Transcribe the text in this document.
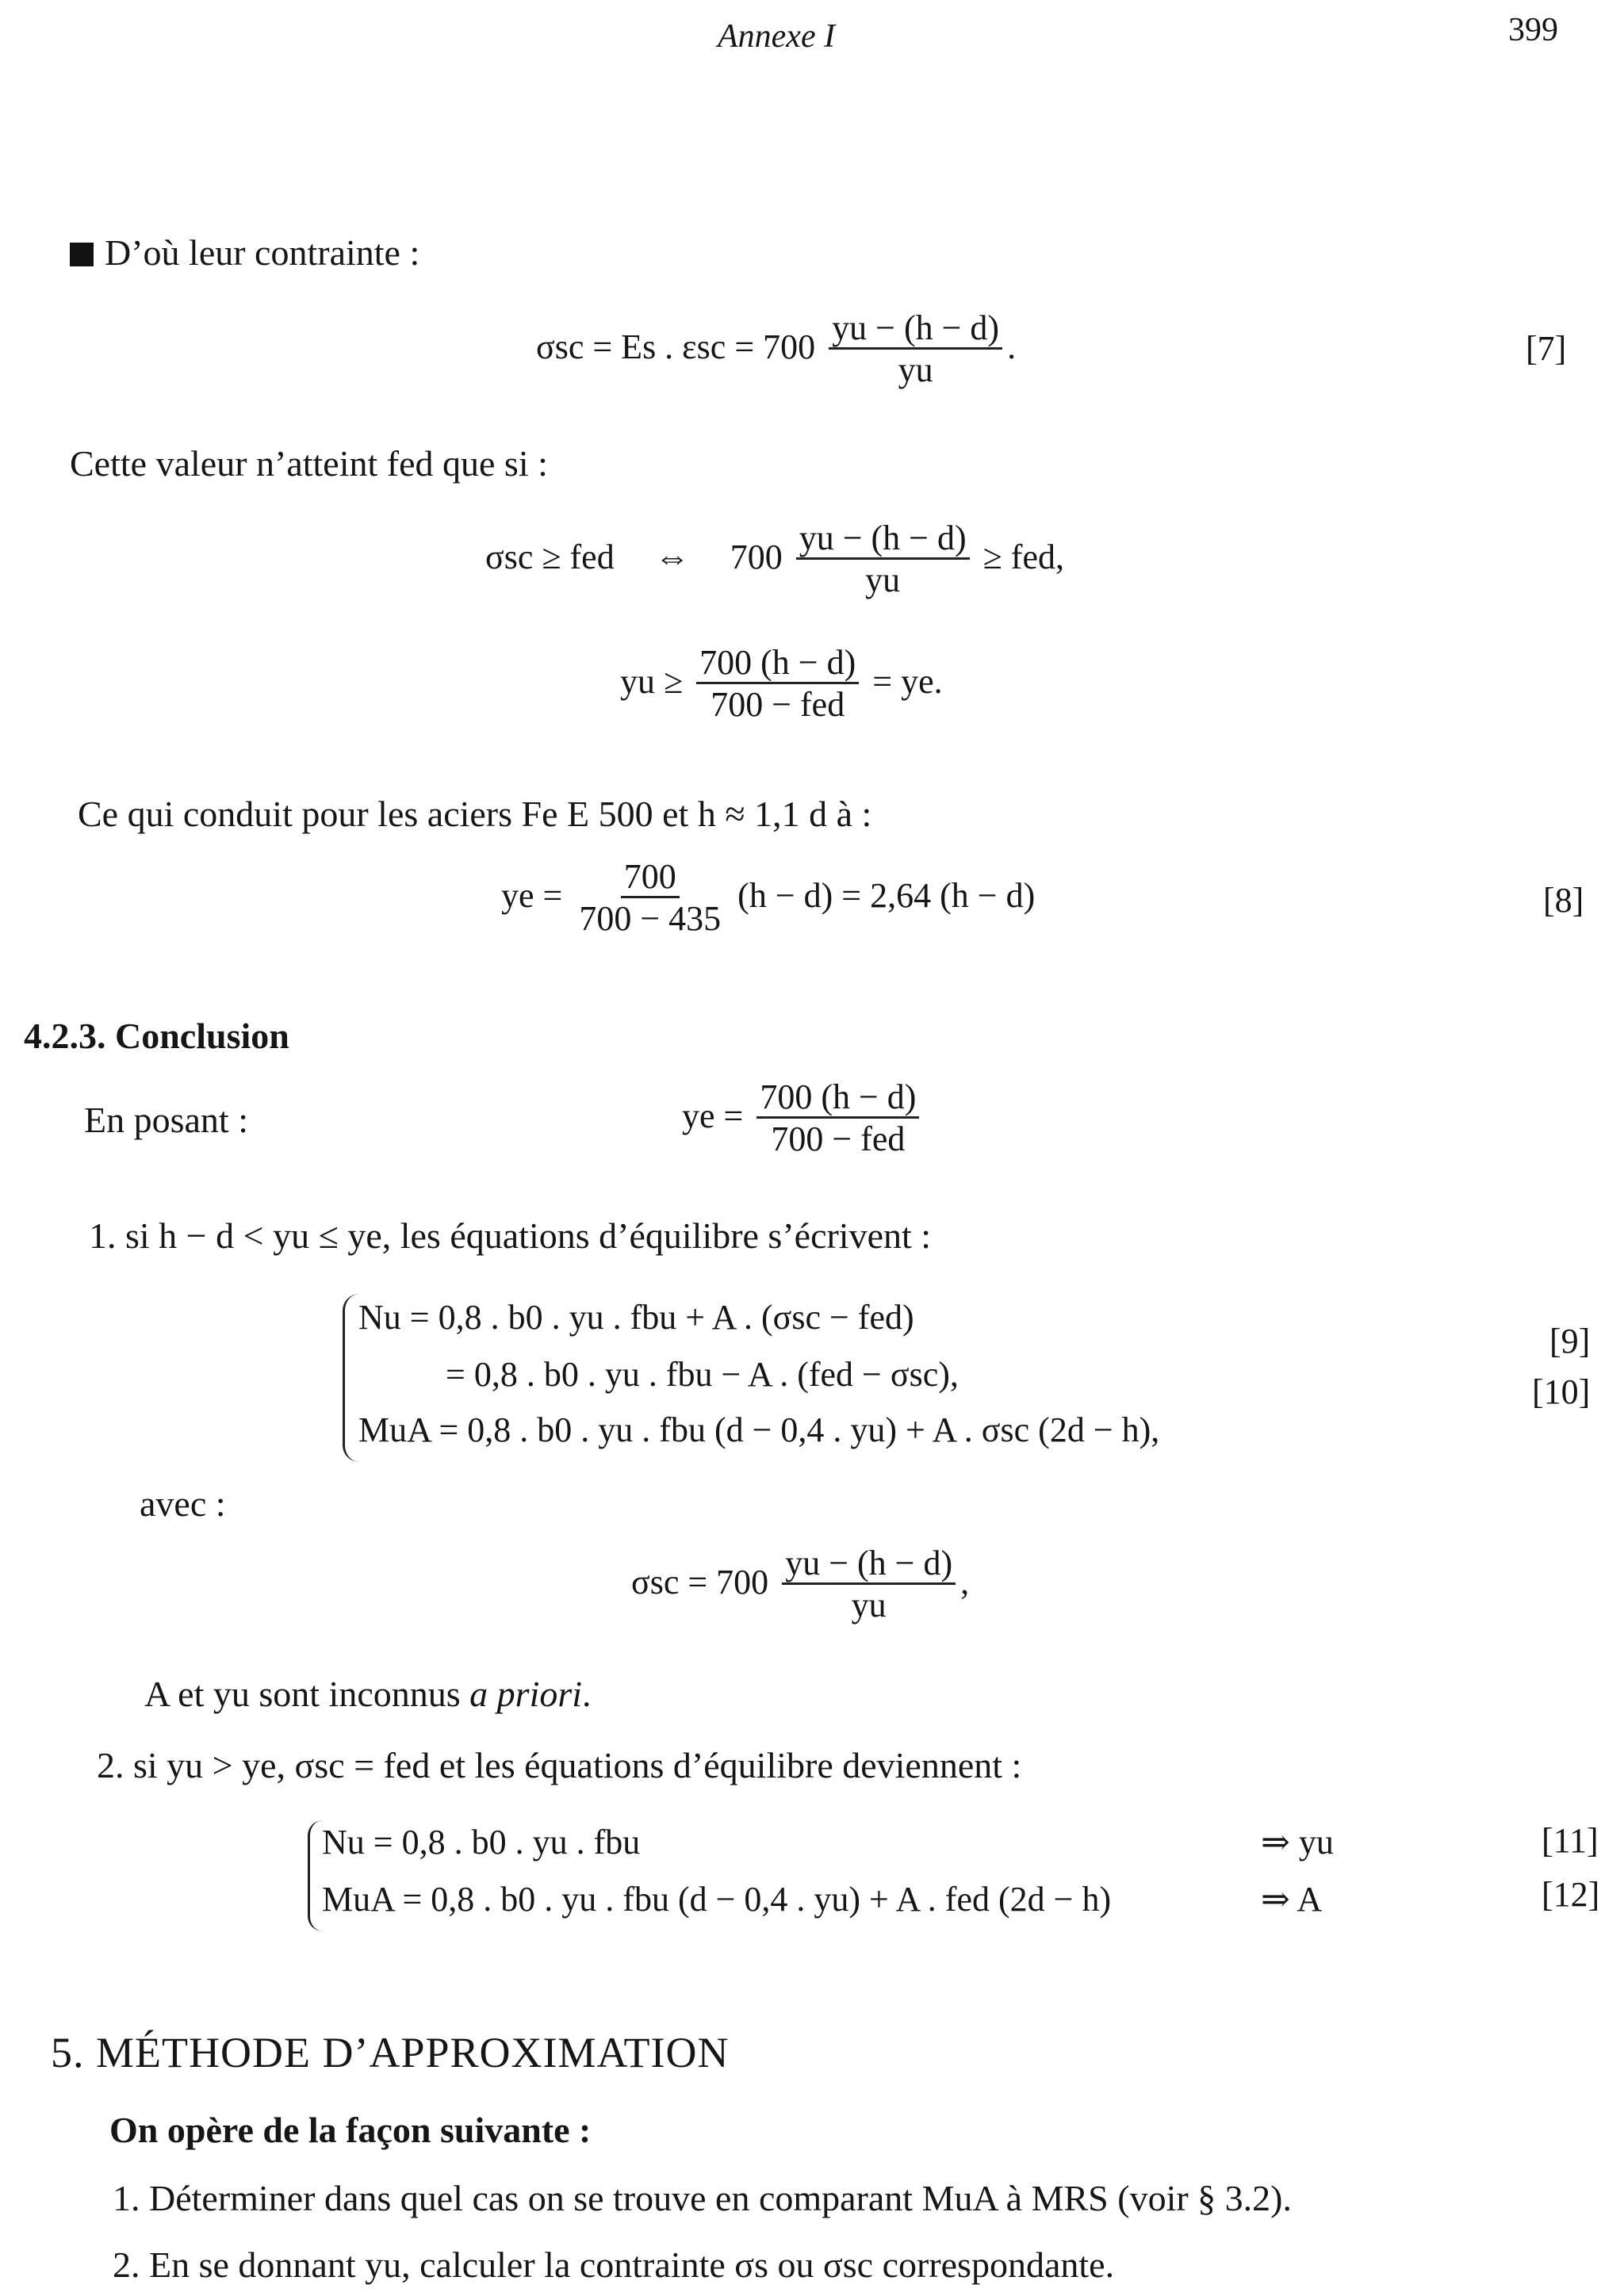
Annexe I	399
D’où leur contrainte :
σsc = Es . $\varepsilon sc = 700 \frac{yu - (h - d)}{yu}$ .	[7]
Cette valeur n’atteint fed que si :
σsc ≥ fed ⇔ $700 \frac{yu - (h - d)}{yu}$ ≥ fed,
yu ≥ $\frac{700 (h - d)}{\text{700 − fed}}$ = ye.
Ce qui conduit pour les aciers Fe E 500 et h ≈ 1,1 d à :
ye = $\frac{700}{700 - 435} (h - d) = 2,64$ (h − d)	[8]
4.2.3. Conclusion
En posant :	ye = $\frac{700 (h - d)}{\text{700 − fed}}$
1. si h − d < yu ≤ ye, les équations d’équilibre s’écrivent :
Nu = 0,8 . b0 . yu . fbu + A . (σsc − fed)
= 0,8 . b0 . yu . fbu − A . (fed − σsc),
MuA = 0,8 . b0 . yu . fbu (d − 0,4 . yu) + A . σsc (2d − h),
[9]
[10]
avec :
$\sigma sc = 700 \frac{yu - (h - d)}{yu}$ ,
A et yu sont inconnus a priori.
2. si yu > ye, σsc = fed et les équations d’équilibre deviennent :
Nu = 0,8 . b0 . yu . fbu	⇒ yu
MuA = 0,8 . b0 . yu . fbu (d − 0,4 . yu) + A . fed (2d − h)	⇒ A
[11]
[12]
5. MÉTHODE D’APPROXIMATION
On opère de la façon suivante :
1. Déterminer dans quel cas on se trouve en comparant MuA à MRS (voir § 3.2).
2. En se donnant yu, calculer la contrainte σs ou σsc correspondante.
